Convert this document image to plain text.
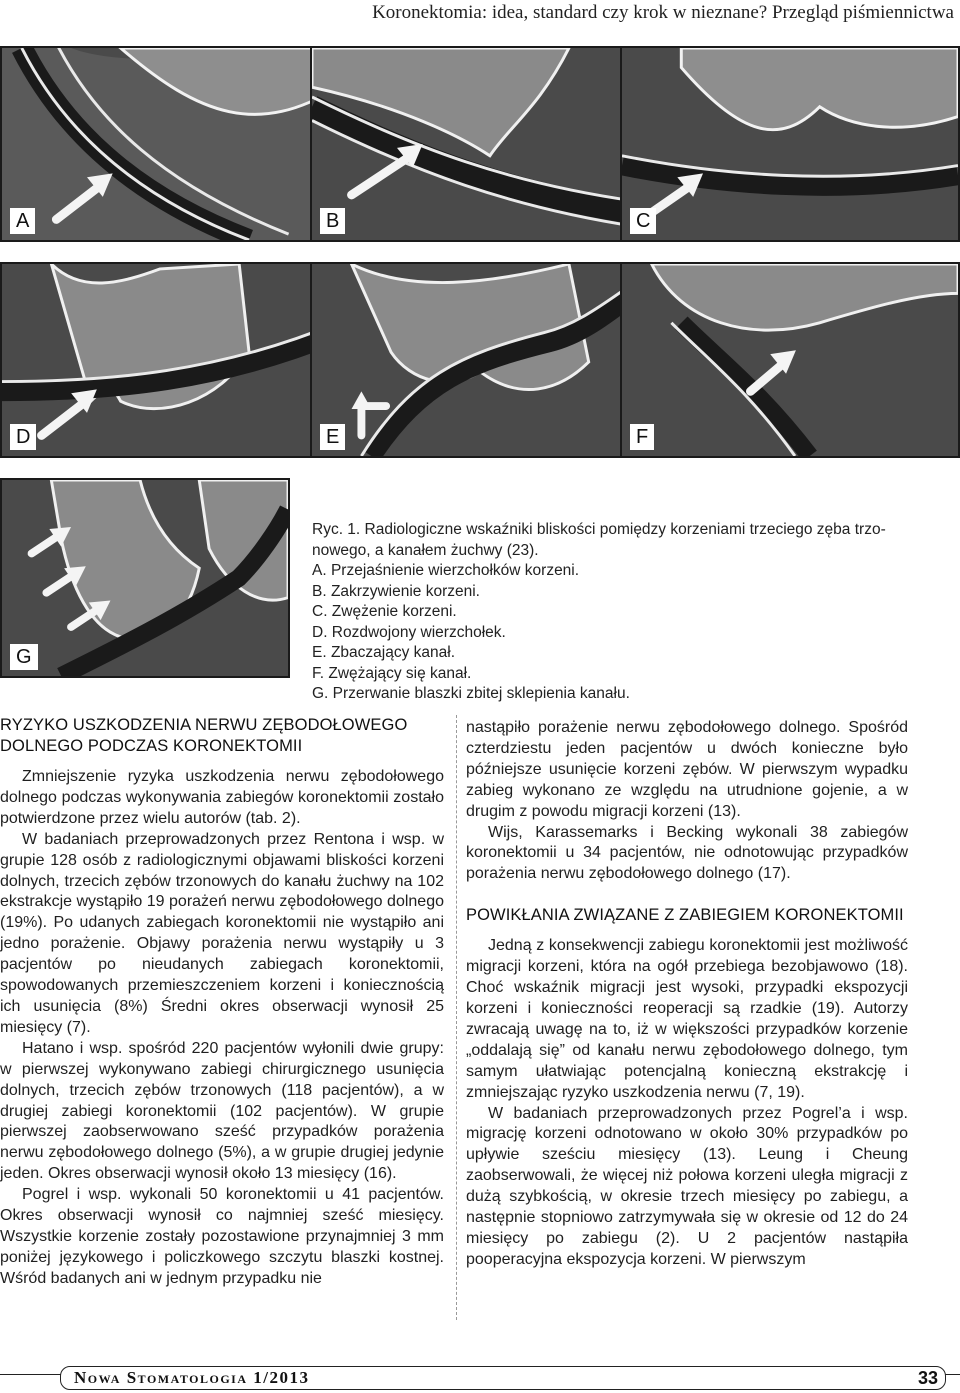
Koronektomia: idea, standard czy krok w nieznane? Przegląd piśmiennictwa
A	B	C
D	E	F
G
Ryc. 1. Radiologiczne wskaźniki bliskości pomiędzy korzeniami trzeciego zęba trzo-
nowego, a kanałem żuchwy (23).
A. Przejaśnienie wierzchołków korzeni.
B. Zakrzywienie korzeni.
C. Zwężenie korzeni.
D. Rozdwojony wierzchołek.
E. Zbaczający kanał.
F. Zwężający się kanał.
G. Przerwanie blaszki zbitej sklepienia kanału.
RYZYKO USZKODZENIA NERWU ZĘBODOŁOWEGO DOLNEGO PODCZAS KORONEKTOMII

Zmniejszenie ryzyka uszkodzenia nerwu zębodołowego dolnego podczas wykonywania zabiegów koronektomii zostało potwierdzone przez wielu autorów (tab. 2).

W badaniach przeprowadzonych przez Rentona i wsp. w grupie 128 osób z radiologicznymi objawami bliskości korzeni dolnych, trzecich zębów trzonowych do kanału żuchwy na 102 ekstrakcje wystąpiło 19 porażeń nerwu zębodołowego dolnego (19%). Po udanych zabiegach koronektomii nie wystąpiło ani jedno porażenie. Objawy porażenia nerwu wystąpiły u 3 pacjentów po nieudanych zabiegach koronektomii, spowodowanych przemieszczeniem korzeni i koniecznością ich usunięcia (8%) Średni okres obserwacji wynosił 25 miesięcy (7).

Hatano i wsp. spośród 220 pacjentów wyłonili dwie grupy: w pierwszej wykonywano zabiegi chirurgicznego usunięcia dolnych, trzecich zębów trzonowych (118 pacjentów), a w drugiej zabiegi koronektomii (102 pacjentów). W grupie pierwszej zaobserwowano sześć przypadków porażenia nerwu zębodołowego dolnego (5%), a w grupie drugiej jedynie jeden. Okres obserwacji wynosił około 13 miesięcy (16).

Pogrel i wsp. wykonali 50 koronektomii u 41 pacjentów. Okres obserwacji wynosił co najmniej sześć miesięcy. Wszystkie korzenie zostały pozostawione przynajmniej 3 mm poniżej językowego i policzkowego szczytu blaszki kostnej. Wśród badanych ani w jednym przypadku nie

nastąpiło porażenie nerwu zębodołowego dolnego. Spośród czterdziestu jeden pacjentów u dwóch konieczne było późniejsze usunięcie korzeni zębów. W pierwszym wypadku zabieg wykonano ze względu na utrudnione gojenie, a w drugim z powodu migracji korzeni (13).

Wijs, Karassemarks i Becking wykonali 38 zabiegów koronektomii u 34 pacjentów, nie odnotowując przypadków porażenia nerwu zębodołowego dolnego (17).

POWIKŁANIA ZWIĄZANE Z ZABIEGIEM KORONEKTOMII

Jedną z konsekwencji zabiegu koronektomii jest możliwość migracji korzeni, która na ogół przebiega bezobjawowo (18). Choć wskaźnik migracji jest wysoki, przypadki ekspozycji korzeni i konieczności reoperacji są rzadkie (19). Autorzy zwracają uwagę na to, iż w większości przypadków korzenie „oddalają się” od kanału nerwu zębodołowego dolnego, tym samym ułatwiając potencjalną konieczną ekstrakcję i zmniejszając ryzyko uszkodzenia nerwu (7, 19).

W badaniach przeprowadzonych przez Pogrel’a i wsp. migrację korzeni odnotowano w około 30% przypadków po upływie sześciu miesięcy (13). Leung i Cheung zaobserwowali, że więcej niż połowa korzeni uległa migracji z dużą szybkością, w okresie trzech miesięcy po zabiegu, a następnie stopniowo zatrzymywała się w okresie od 12 do 24 miesięcy po zabiegu (2). U 2 pacjentów nastąpiła pooperacyjna ekspozycja korzeni. W pierwszym

Nowa Stomatologia 1/2013	33
